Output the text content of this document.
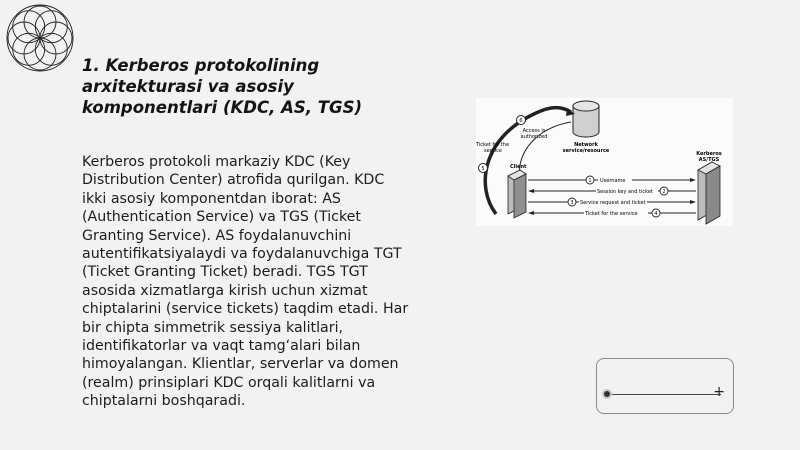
1. Kerberos protokolining arxitekturasi va asosiy komponentlari (KDC, AS, TGS)

Kerberos protokoli markaziy KDC (Key Distribution Center) atrofida qurilgan. KDC ikki asosiy komponentdan iborat: AS (Authentication Service) va TGS (Ticket Granting Service). AS foydalanuvchini autentifikatsiyalaydi va foydalanuvchiga TGT (Ticket Granting Ticket) beradi. TGS TGT asosida xizmatlarga kirish uchun xizmat chiptalarini (service tickets) taqdim etadi. Har bir chipta simmetrik sessiya kalitlari, identifikatorlar va vaqt tamg‘alari bilan himoyalangan. Klientlar, serverlar va domen (realm) prinsiplari KDC orqali kalitlarni va chiptalarni boshqaradi.

Network
service/resource
6
Access is
authorized
Ticket for the
service
5	Client
Kerberos
AS/TGS
1 Username
Session key and ticket 2
3 Service request and ticket
Ticket for the service	4
+
